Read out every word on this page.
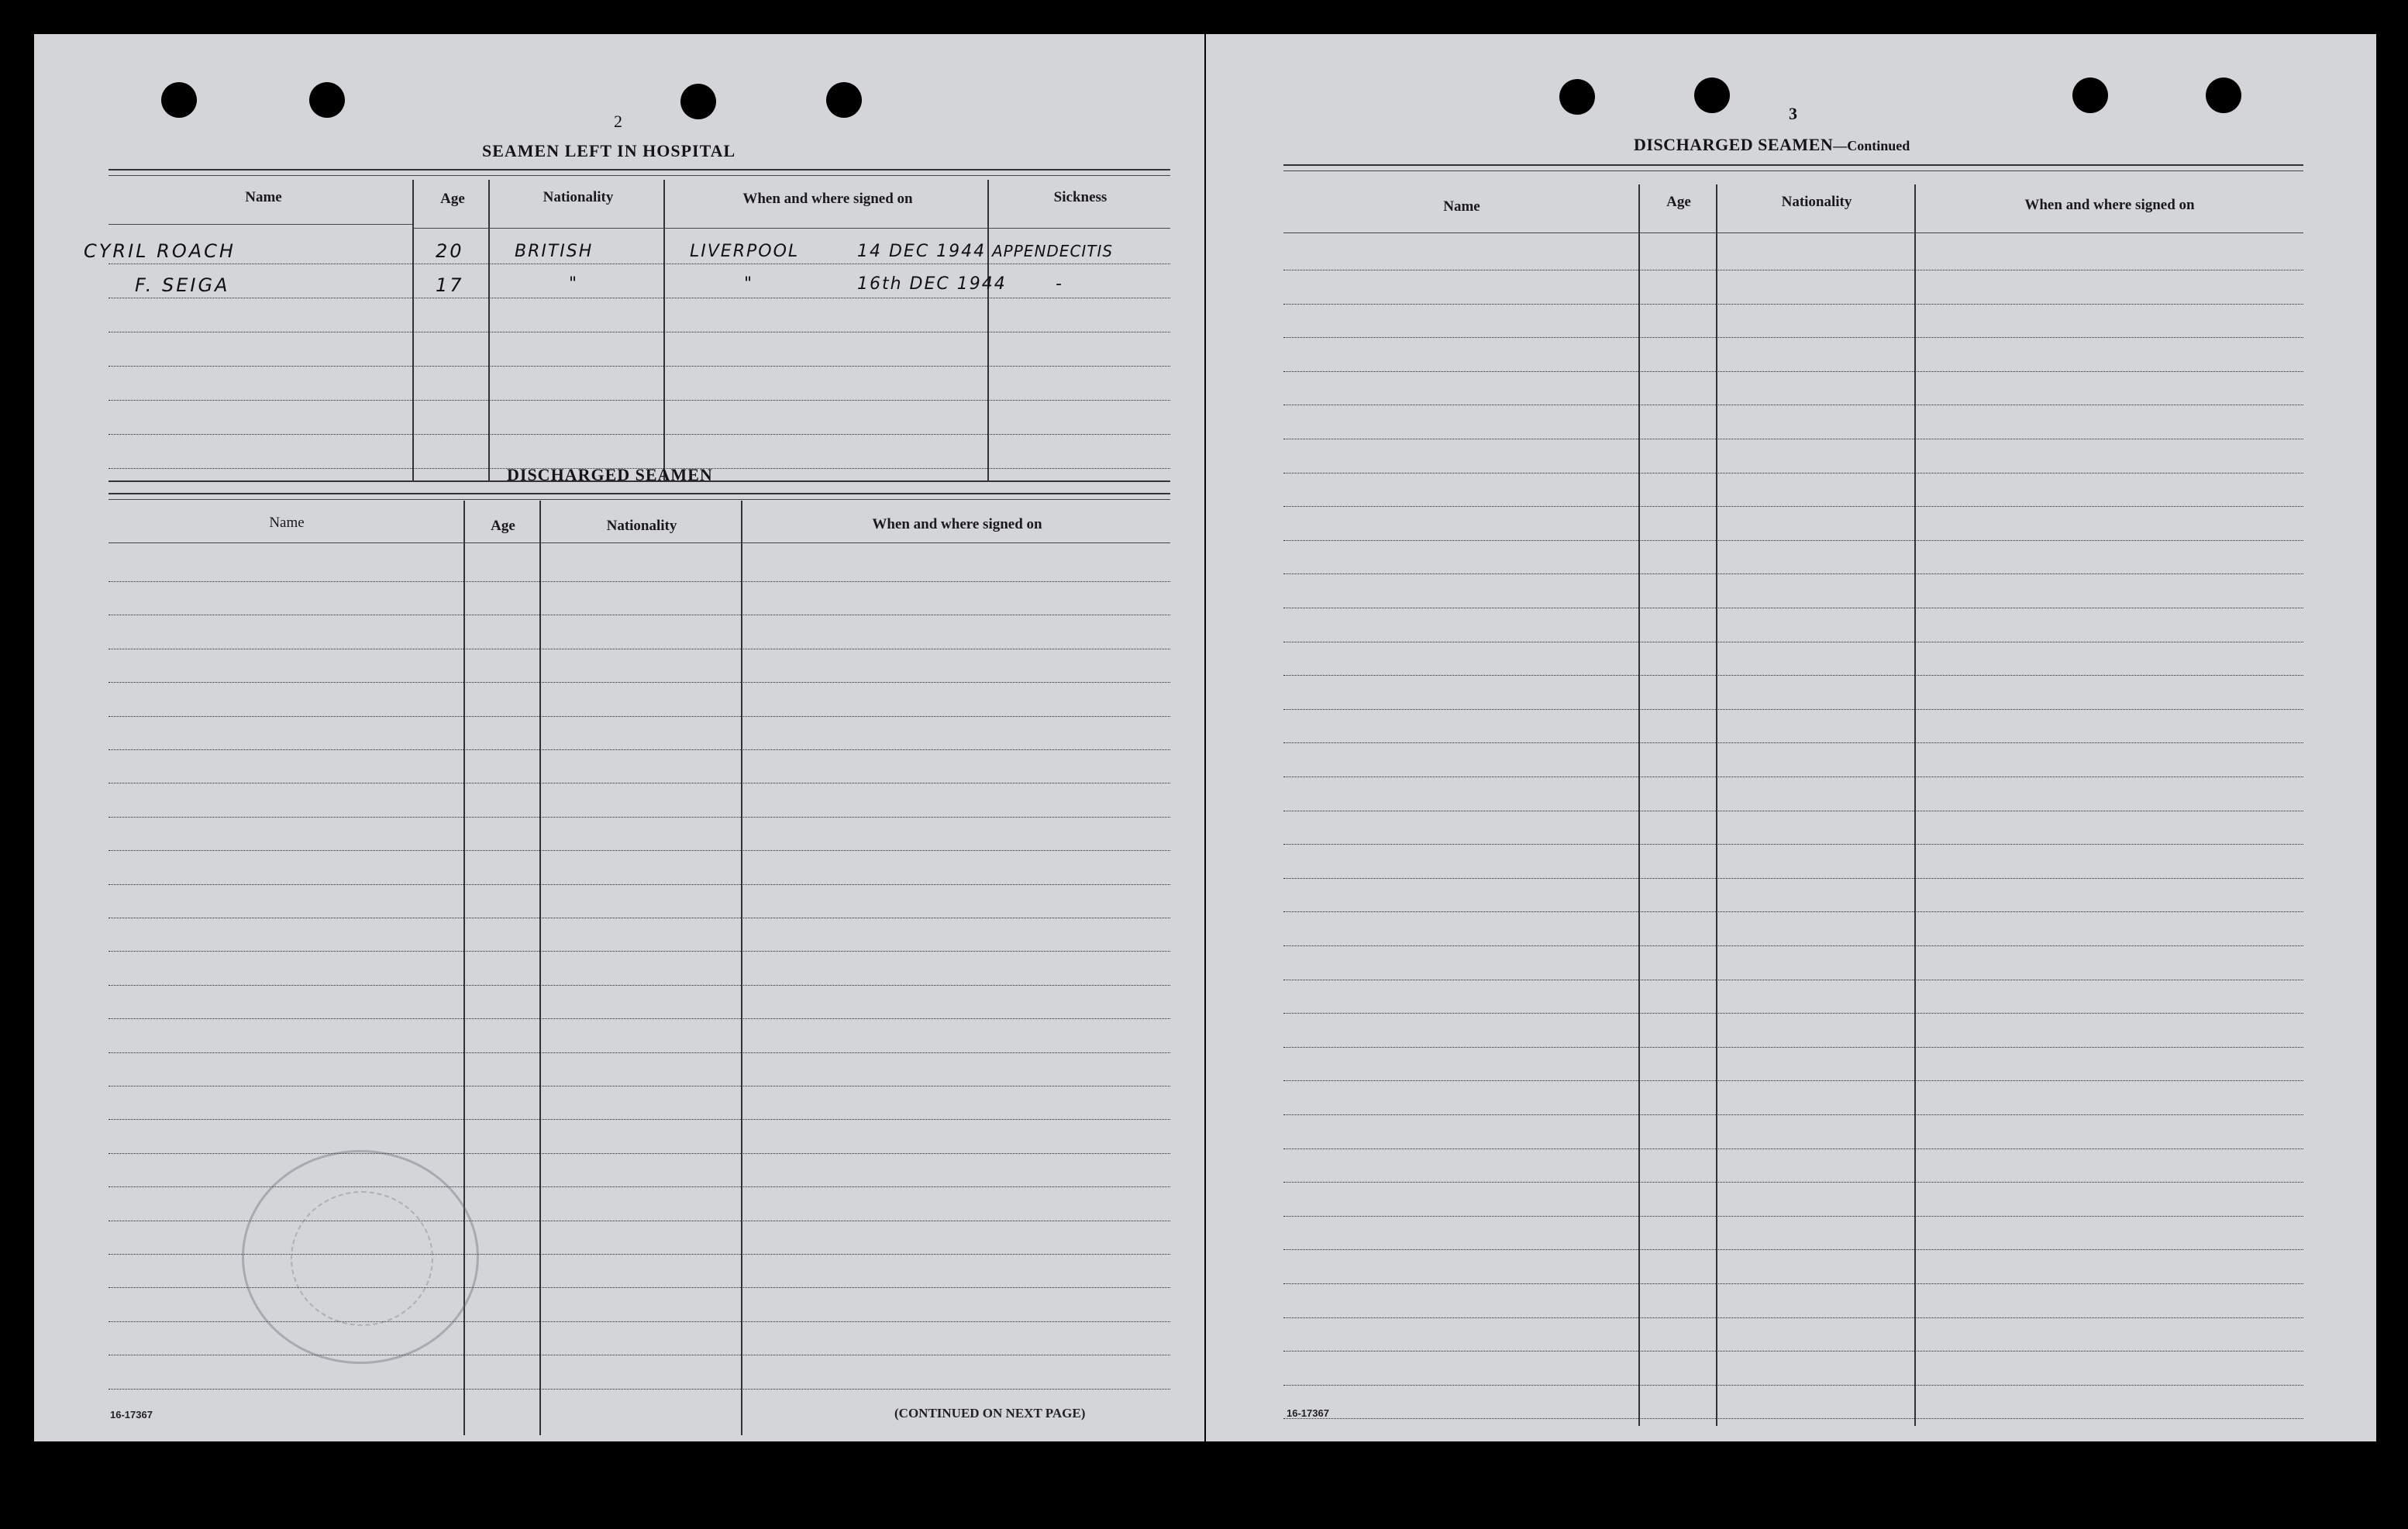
2
SEAMEN LEFT IN HOSPITAL
Name	Age	Nationality	When and where signed on	Sickness
CYRIL ROACH	20	BRITISH	LIVERPOOL	14 DEC 1944 APPENDECITIS
F. SEIGA	17	"	"	16th DEC 1944	-
DISCHARGED SEAMEN
Name	Age	Nationality	When and where signed on
16-17367	(CONTINUED ON NEXT PAGE)
3
DISCHARGED SEAMEN—Continued
Name	Age	Nationality	When and where signed on
16-17367
